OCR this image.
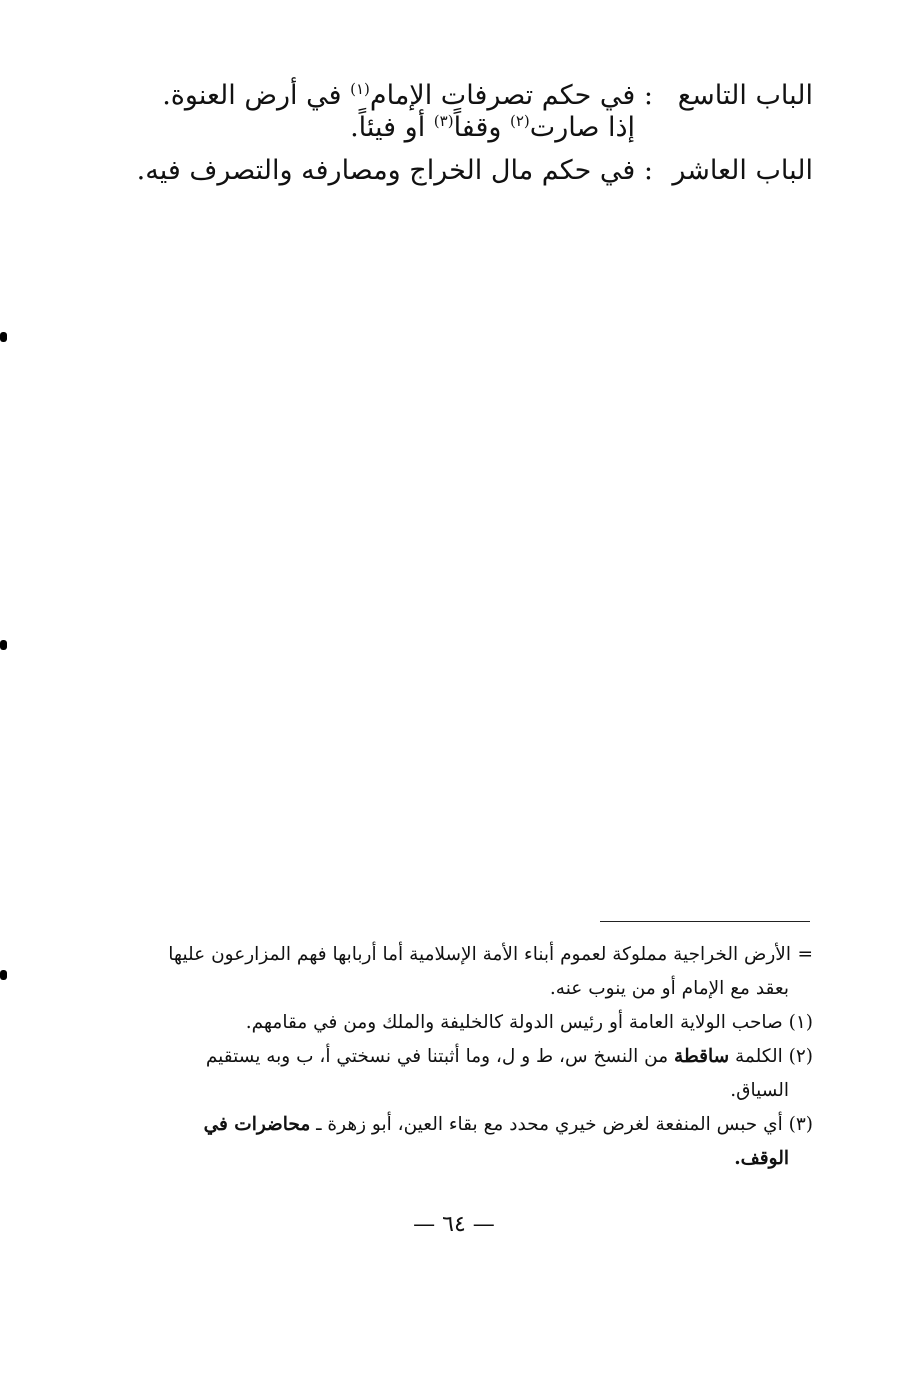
الباب التاسع
: في حكم تصرفات الإمام$^{(١)}$ في أرض العنوة.
إذا صارت$^{(٢)}$ وقفاً$^{(٣)}$ أو فيئاً.
الباب العاشر
: في حكم مال الخراج ومصارفه والتصرف فيه.

=الأرض الخراجية مملوكة لعموم أبناء الأمة الإسلامية أما أربابها فهم المزارعون عليها
بعقد مع الإمام أو من ينوب عنه.

(١) صاحب الولاية العامة أو رئيس الدولة كالخليفة والملك ومن في مقامهم.

(٢) الكلمة ساقطة من النسخ س، ط و ل، وما أثبتنا في نسختي أ، ب وبه يستقيم
السياق.

(٣) أي حبس المنفعة لغرض خيري محدد مع بقاء العين، أبو زهرة ـ محاضرات في
الوقف.

— ٦٤ —
